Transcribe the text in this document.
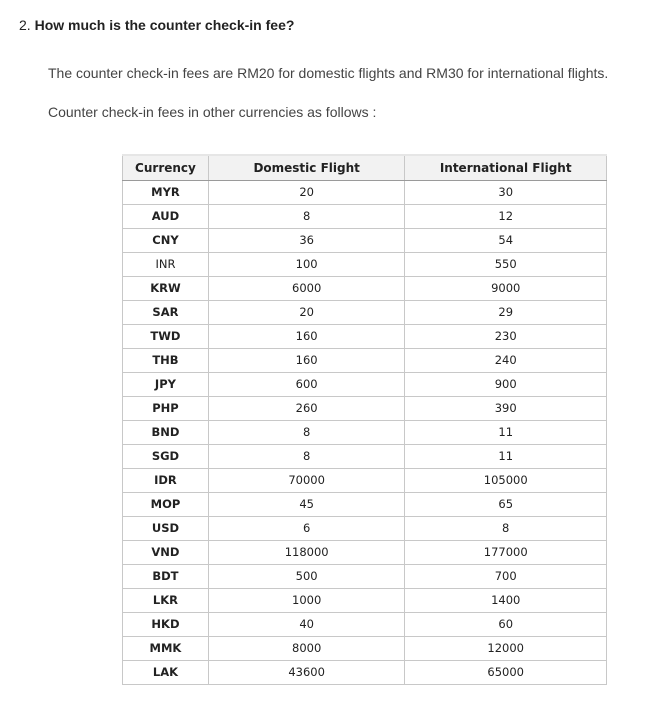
2. How much is the counter check-in fee?
The counter check-in fees are RM20 for domestic flights and RM30 for international flights.
Counter check-in fees in other currencies as follows :
Currency	Domestic Flight	International Flight
MYR	20	30
AUD	8	12
CNY	36	54
INR	100	550
KRW	6000	9000
SAR	20	29
TWD	160	230
THB	160	240
JPY	600	900
PHP	260	390
BND	8	11
SGD	8	11
IDR	70000	105000
MOP	45	65
USD	6	8
VND	118000	177000
BDT	500	700
LKR	1000	1400
HKD	40	60
MMK	8000	12000
LAK	43600	65000
